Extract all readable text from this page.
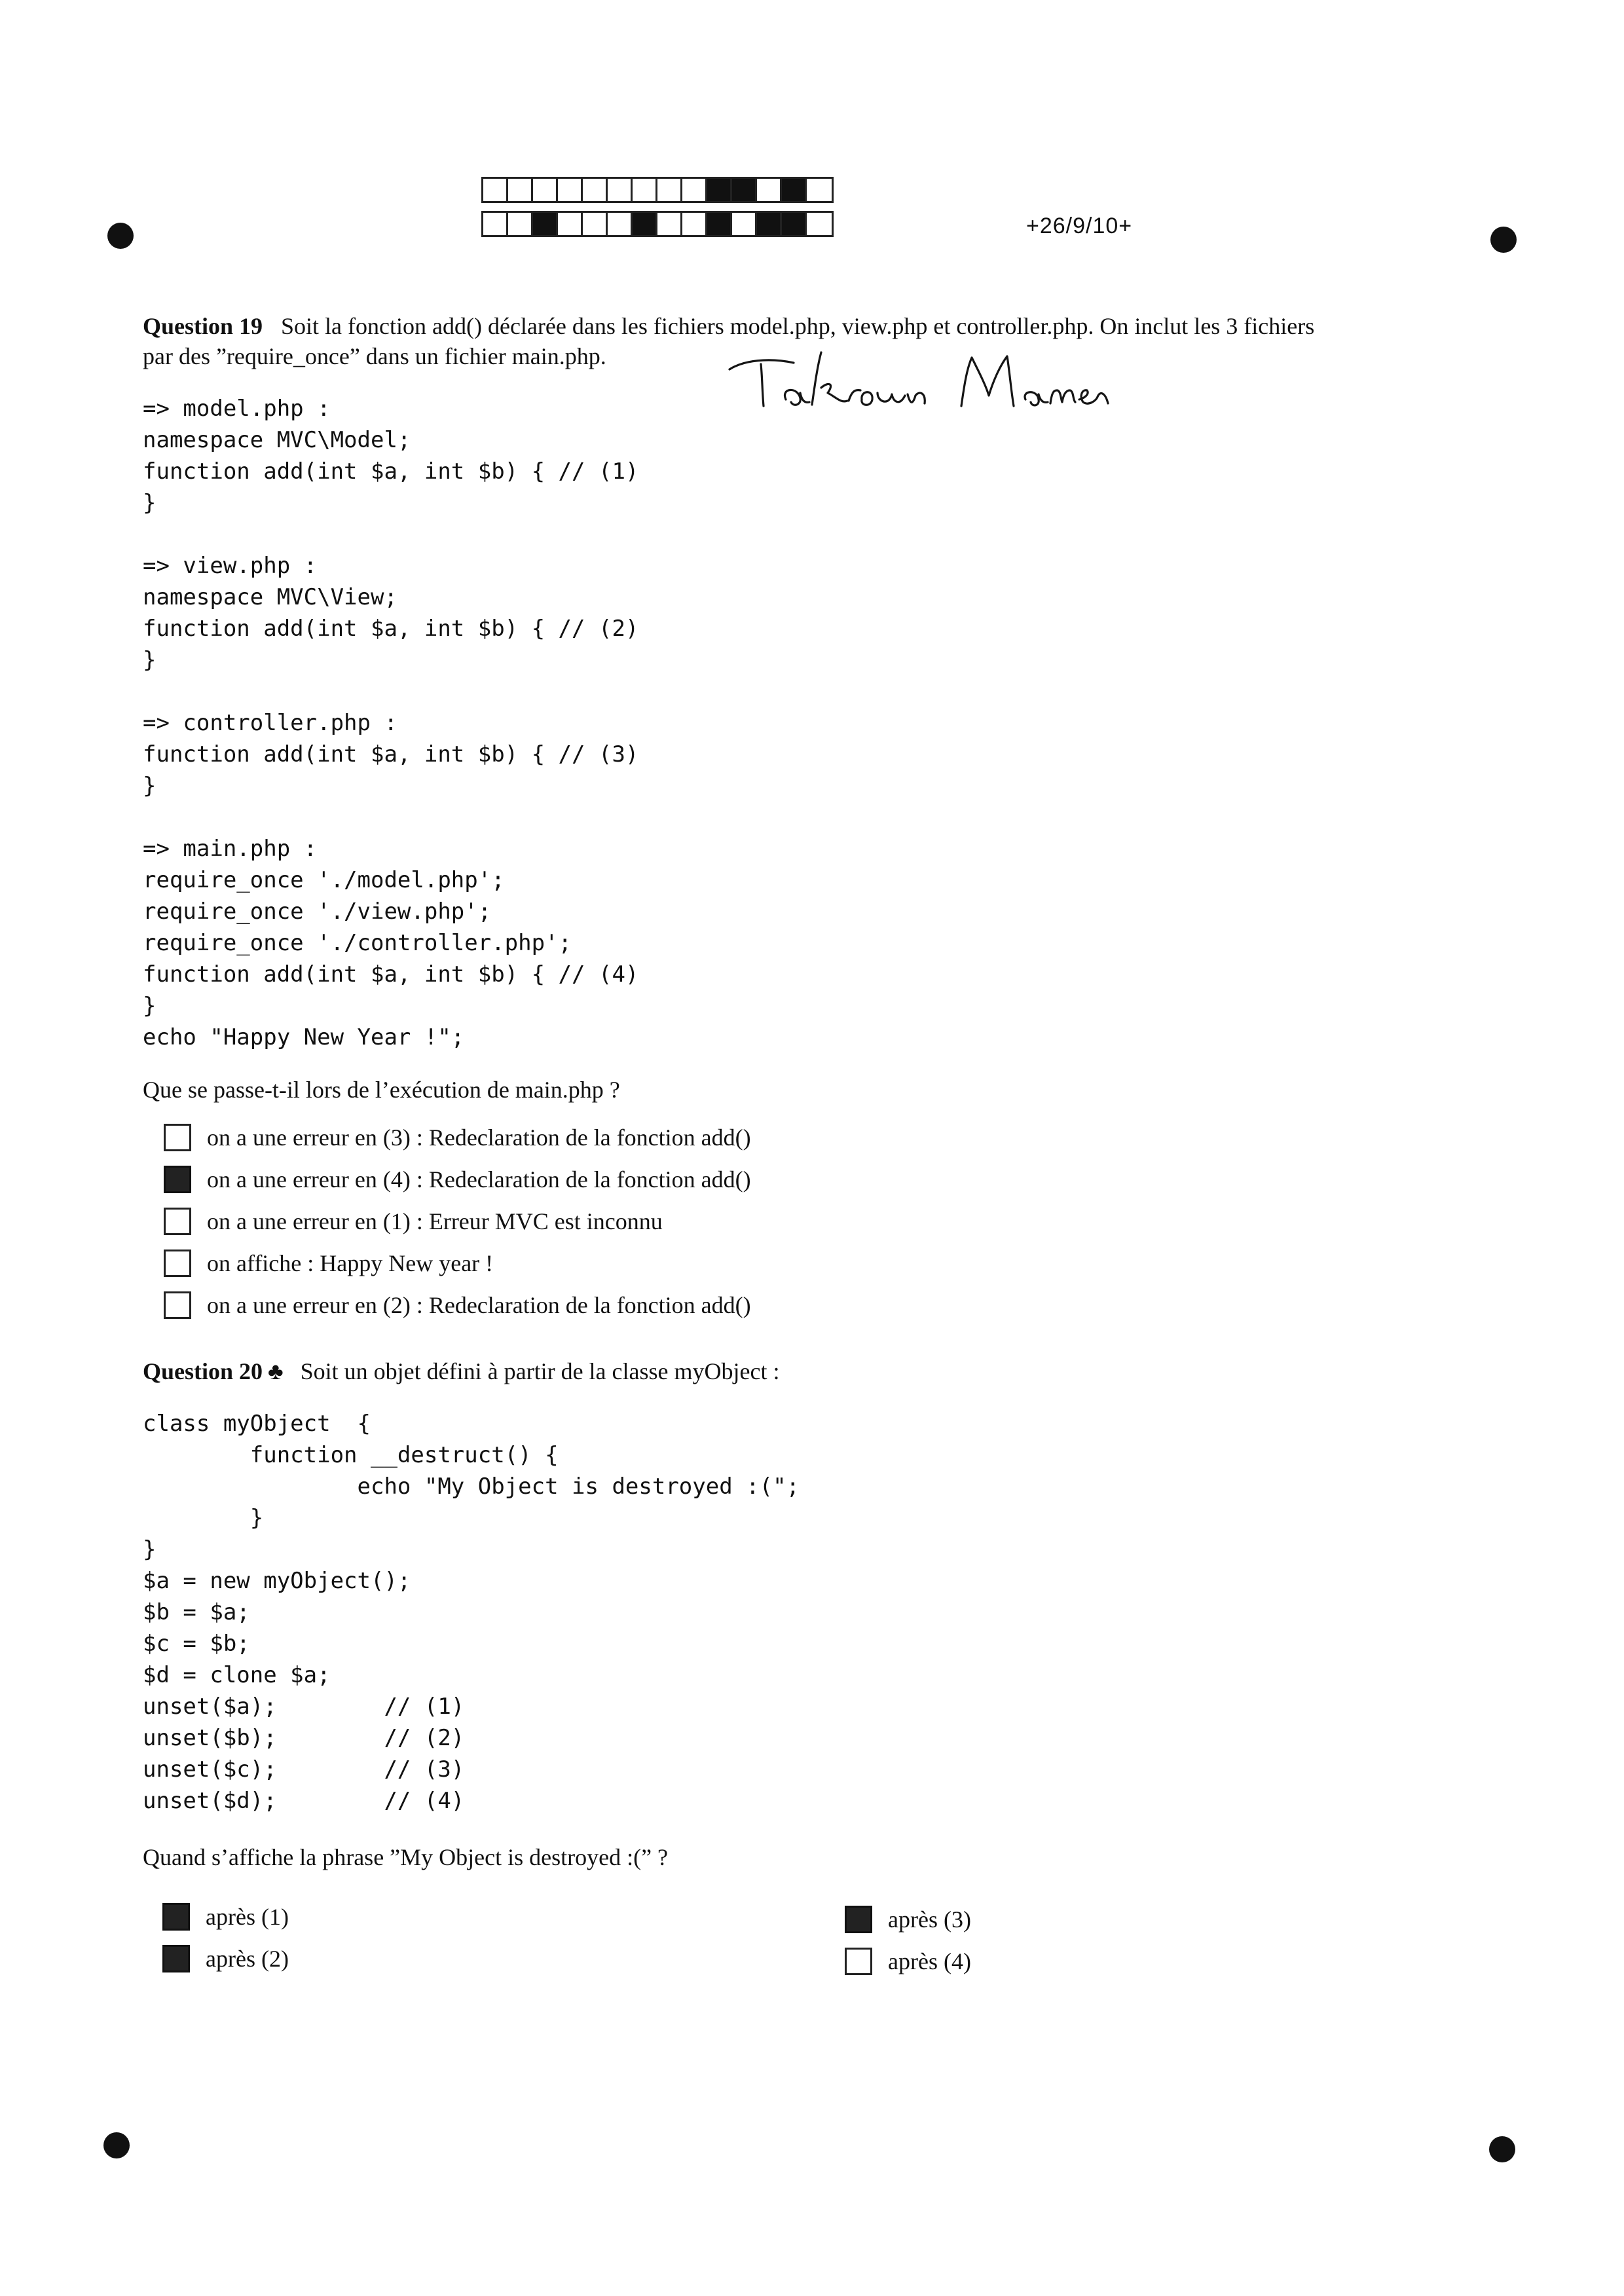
+26/9/10+
Question 19 Soit la fonction add() déclarée dans les fichiers model.php, view.php et controller.php. On inclut les 3 fichiers
par des ”require_once” dans un fichier main.php.
=> model.php :
namespace MVC\Model;
function add(int $a, int $b) { // (1)
}

=> view.php :
namespace MVC\View;
function add(int $a, int $b) { // (2)
}

=> controller.php :
function add(int $a, int $b) { // (3)
}

=> main.php :
require_once './model.php';
require_once './view.php';
require_once './controller.php';
function add(int $a, int $b) { // (4)
}
echo "Happy New Year !";
Que se passe-t-il lors de l’exécution de main.php ?
on a une erreur en (3) : Redeclaration de la fonction add()
on a une erreur en (4) : Redeclaration de la fonction add()
on a une erreur en (1) : Erreur MVC est inconnu
on affiche : Happy New year !
on a une erreur en (2) : Redeclaration de la fonction add()
Question 20 ♣ Soit un objet défini à partir de la classe myObject :
class myObject  {
function __destruct() {
echo "My Object is destroyed :(";
}
}
$a = new myObject();
$b = $a;
$c = $b;
$d = clone $a;
unset($a);        // (1)
unset($b);        // (2)
unset($c);        // (3)
unset($d);        // (4)
Quand s’affiche la phrase ”My Object is destroyed :(” ?
après (1)
après (2)
après (3)
après (4)
